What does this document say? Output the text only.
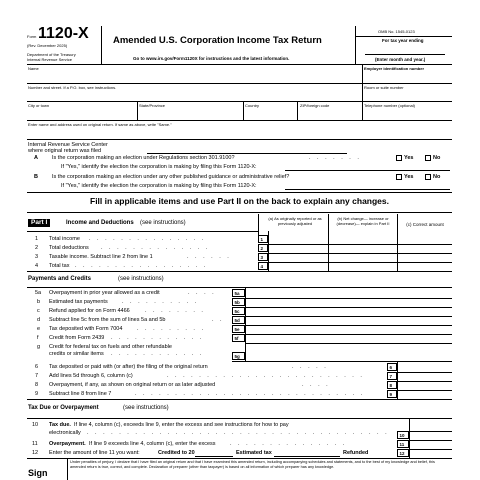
Form 1120-X
(Rev. December 2025)
Department of the Treasury
Internal Revenue Service
Amended U.S. Corporation Income Tax Return
Go to www.irs.gov/Form1120X for instructions and the latest information.
OMB No. 1545-0123
For tax year ending
(Enter month and year.)
Name	Employer identification number
Number and street. If a P.O. box, see instructions.	Room or suite number
City or town	State/Province	Country	ZIP/foreign code	Telephone number (optional)
Enter name and address used on original return. If same as above, write "Same."
Internal Revenue Service Center
where original return was filed
A	Is the corporation making an election under Regulations section 301.9100?	. . . . . . .	Yes	No
If "Yes," identify the election the corporation is making by filing this Form 1120-X:
B	Is the corporation making an election under any other published guidance or administrative relief?	Yes	No
If "Yes," identify the election the corporation is making by filing this Form 1120-X:
Fill in applicable items and use Part II on the back to explain any changes.
Part I	Income and Deductions (see instructions)
(a) As originally reported or as previously adjusted
(b) Net change— increase or (decrease)— explain in Part II	(c) Correct amount
1 Total income . . . . . . . . . . . . . . .	1
2 Total deductions . . . . . . . . . . . . . .	2
3 Taxable income. Subtract line 2 from line 1	. . . . . .	3
4 Total tax . . . . . . . . . . . . . . . . .	4
Payments and Credits	(see instructions)
5a Overpayment in prior year allowed as a credit	. . . .	5a
b Estimated tax payments	. . . . . . . . . .	5b
c Refund applied for on Form 4466	. . . . . . . .	5c
d Subtract line 5c from the sum of lines 5a and 5b	. .	5d
e Tax deposited with Form 7004	. . . . . . . . .	5e
f Credit from Form 2439 . . . . . . . . . . . .	5f
g Credit for federal tax on fuels and other refundable
credits or similar items . . . . . . . . . . . .	5g
6 Tax deposited or paid with (or after) the filing of the original return	. . . . .	6
7 Add lines 5d through 6, column (c)	. . . . . . . . . . . . . . . . . . . . . . . . .	7
8 Overpayment, if any, as shown on original return or as later adjusted	. . . .	8
9 Subtract line 8 from line 7	. . . . . . . . . . . . . . . . . . . . . . . . . . . . .	9
Tax Due or Overpayment	(see instructions)
10 Tax due. If line 4, column (c), exceeds line 9, enter the excess and see instructions for how to pay
electronically . . . . . . . . . . . . . . . . . . . . . . . . . . . . . . . . . . . . . .	10
11 Overpayment. If line 9 exceeds line 4, column (c), enter the excess	. . . . . . . . . . . . . . .	11
12 Enter the amount of line 11 you want:	Credited to 20	Estimated tax	Refunded	12
Sign
Under penalties of perjury, I declare that I have filed an original return and that I have examined this amended return, including accompanying schedules and statements, and to the best of my knowledge and belief, this amended return is true, correct, and complete. Declaration of preparer (other than taxpayer) is based on all information of which preparer has any knowledge.
